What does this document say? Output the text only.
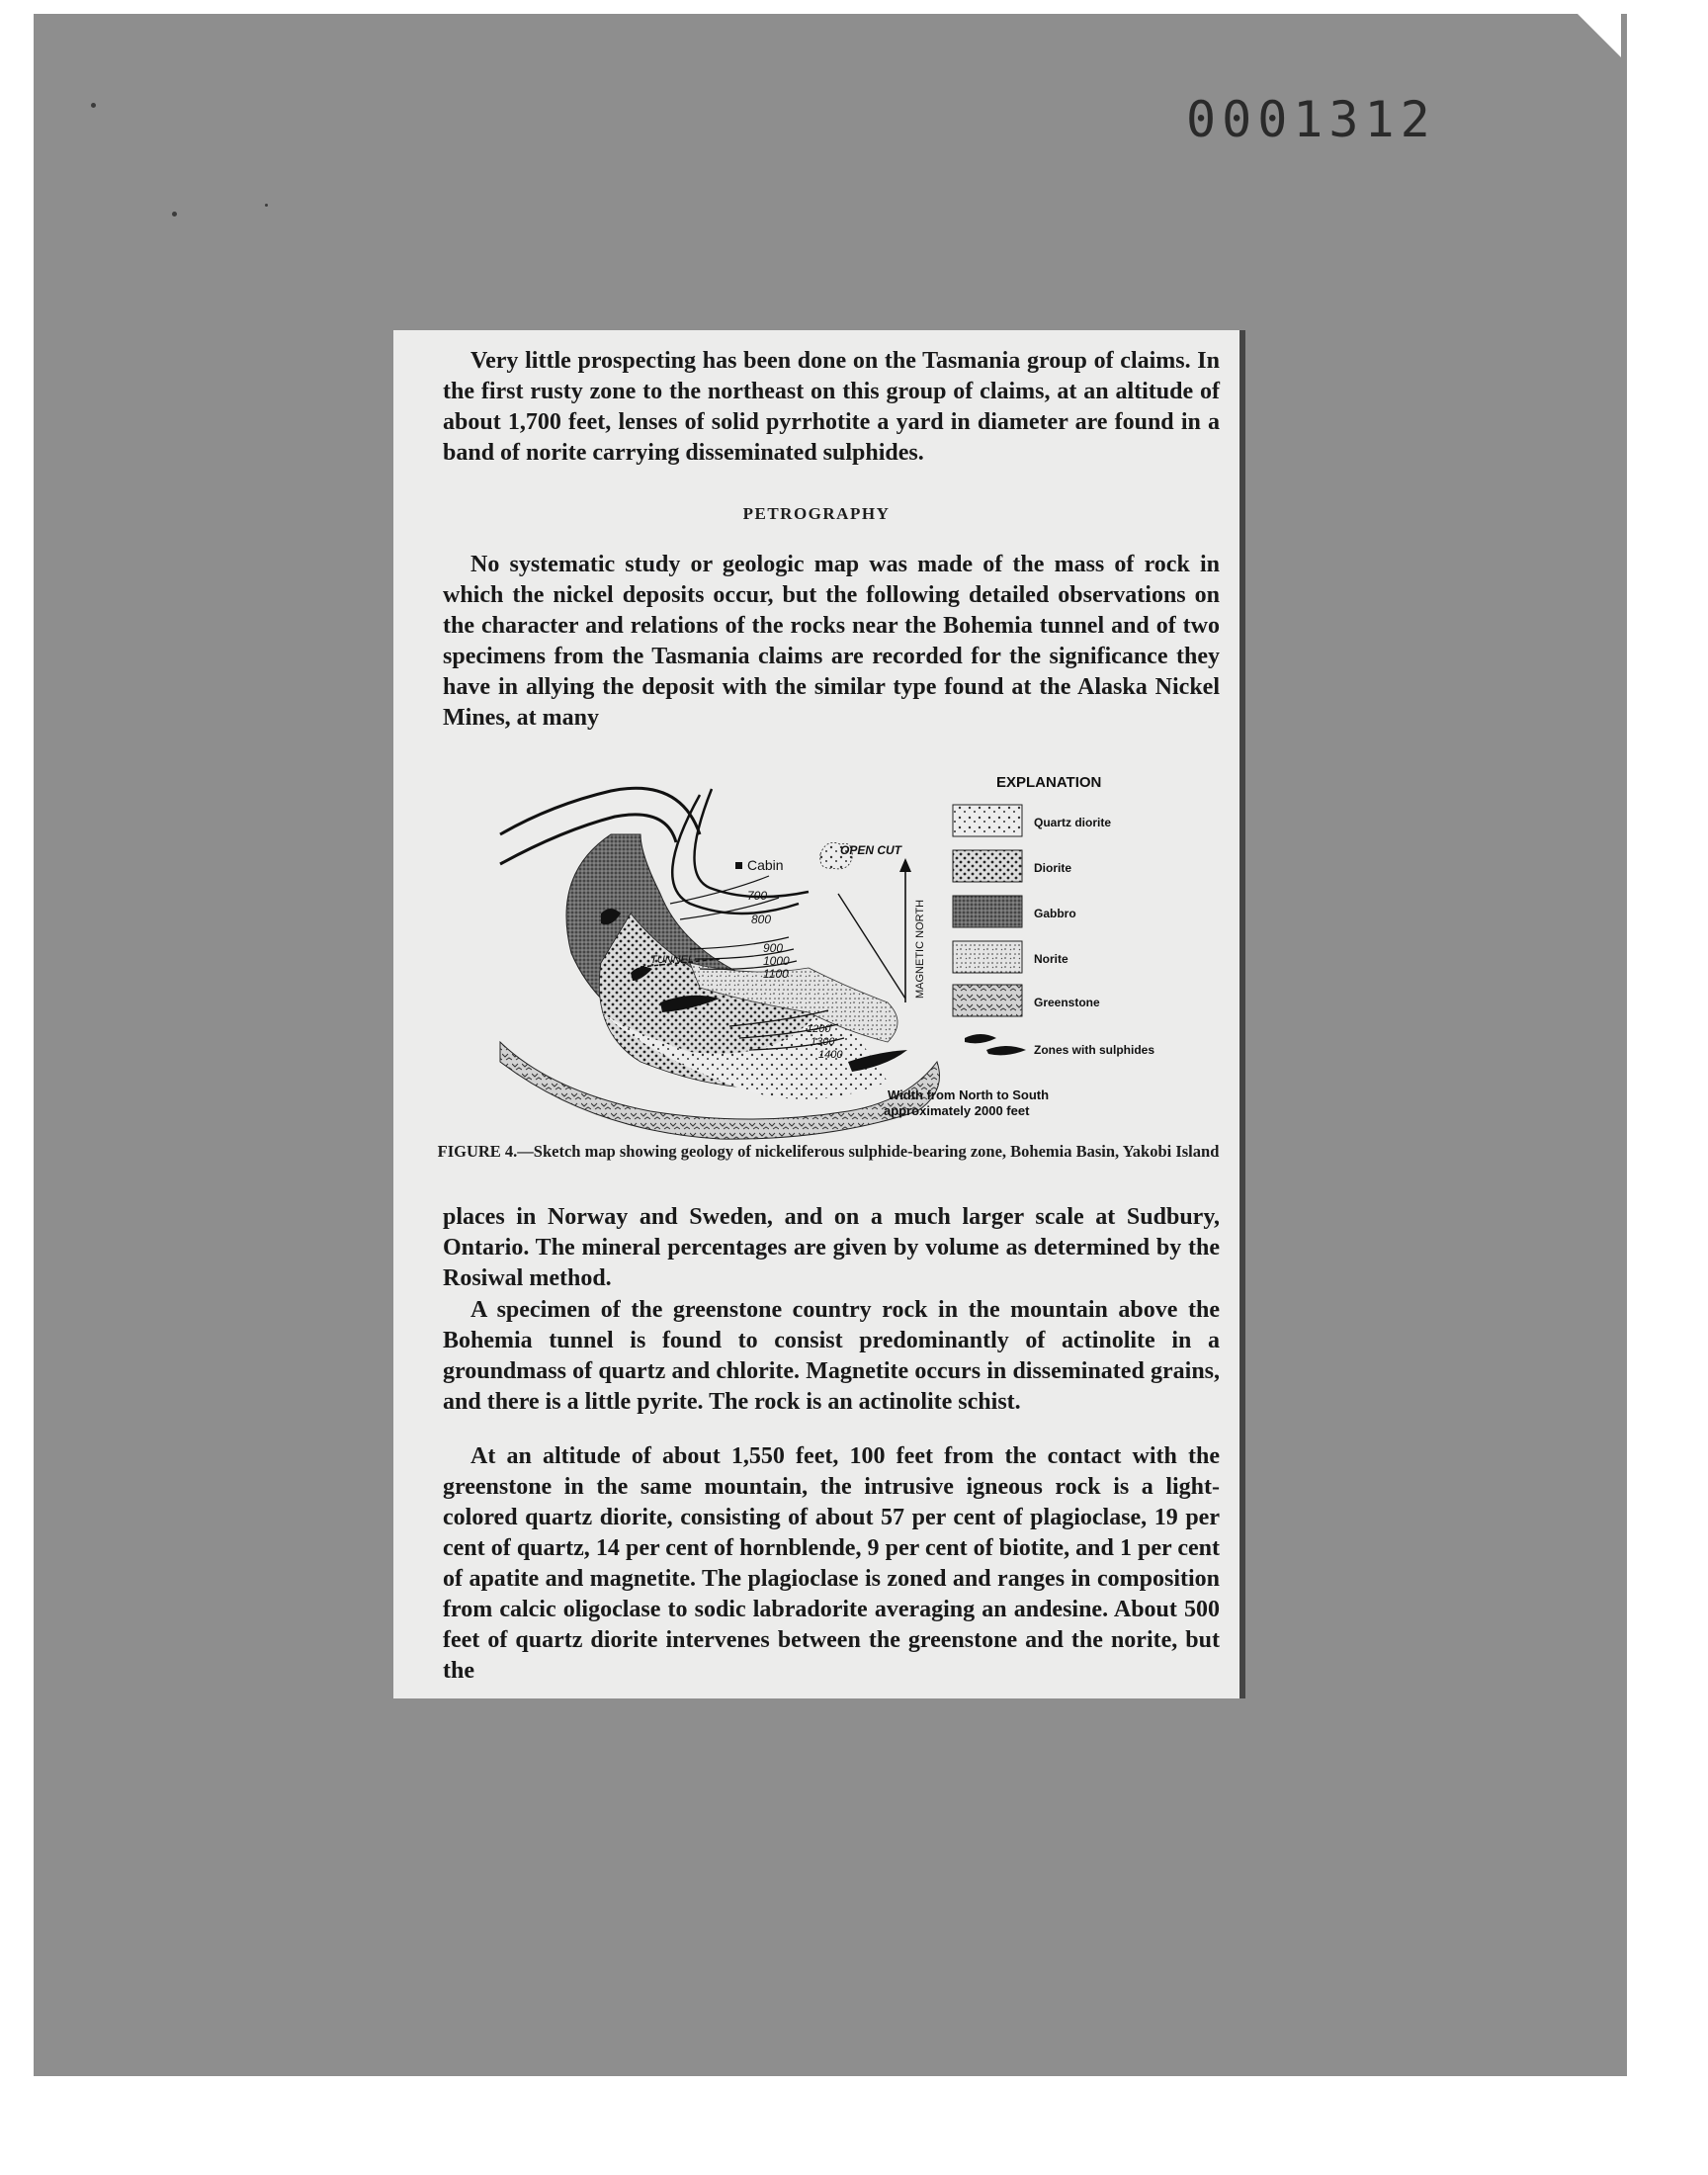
0001312

Very little prospecting has been done on the Tasmania group of claims. In the first rusty zone to the northeast on this group of claims, at an altitude of about 1,700 feet, lenses of solid pyrrhotite a yard in diameter are found in a band of norite carrying disseminated sulphides.

PETROGRAPHY

No systematic study or geologic map was made of the mass of rock in which the nickel deposits occur, but the following detailed observations on the character and relations of the rocks near the Bohemia tunnel and of two specimens from the Tasmania claims are recorded for the significance they have in allying the deposit with the similar type found at the Alaska Nickel Mines, at many

700
800
900
1000
1100
1200
1300
1400
TUNNEL
Cabin
OPEN CUT
MAGNETIC NORTH
EXPLANATION
Quartz diorite
Diorite
Gabbro
Norite
Greenstone
Zones with sulphides
Width from North to South
approximately 2000 feet
FIGURE 4.—Sketch map showing geology of nickeliferous sulphide-bearing zone, Bohemia Basin, Yakobi Island

places in Norway and Sweden, and on a much larger scale at Sudbury, Ontario. The mineral percentages are given by volume as determined by the Rosiwal method.

A specimen of the greenstone country rock in the mountain above the Bohemia tunnel is found to consist predominantly of actinolite in a groundmass of quartz and chlorite. Magnetite occurs in disseminated grains, and there is a little pyrite. The rock is an actinolite schist.

At an altitude of about 1,550 feet, 100 feet from the contact with the greenstone in the same mountain, the intrusive igneous rock is a light-colored quartz diorite, consisting of about 57 per cent of plagioclase, 19 per cent of quartz, 14 per cent of hornblende, 9 per cent of biotite, and 1 per cent of apatite and magnetite. The plagioclase is zoned and ranges in composition from calcic oligoclase to sodic labradorite averaging an andesine. About 500 feet of quartz diorite intervenes between the greenstone and the norite, but the
